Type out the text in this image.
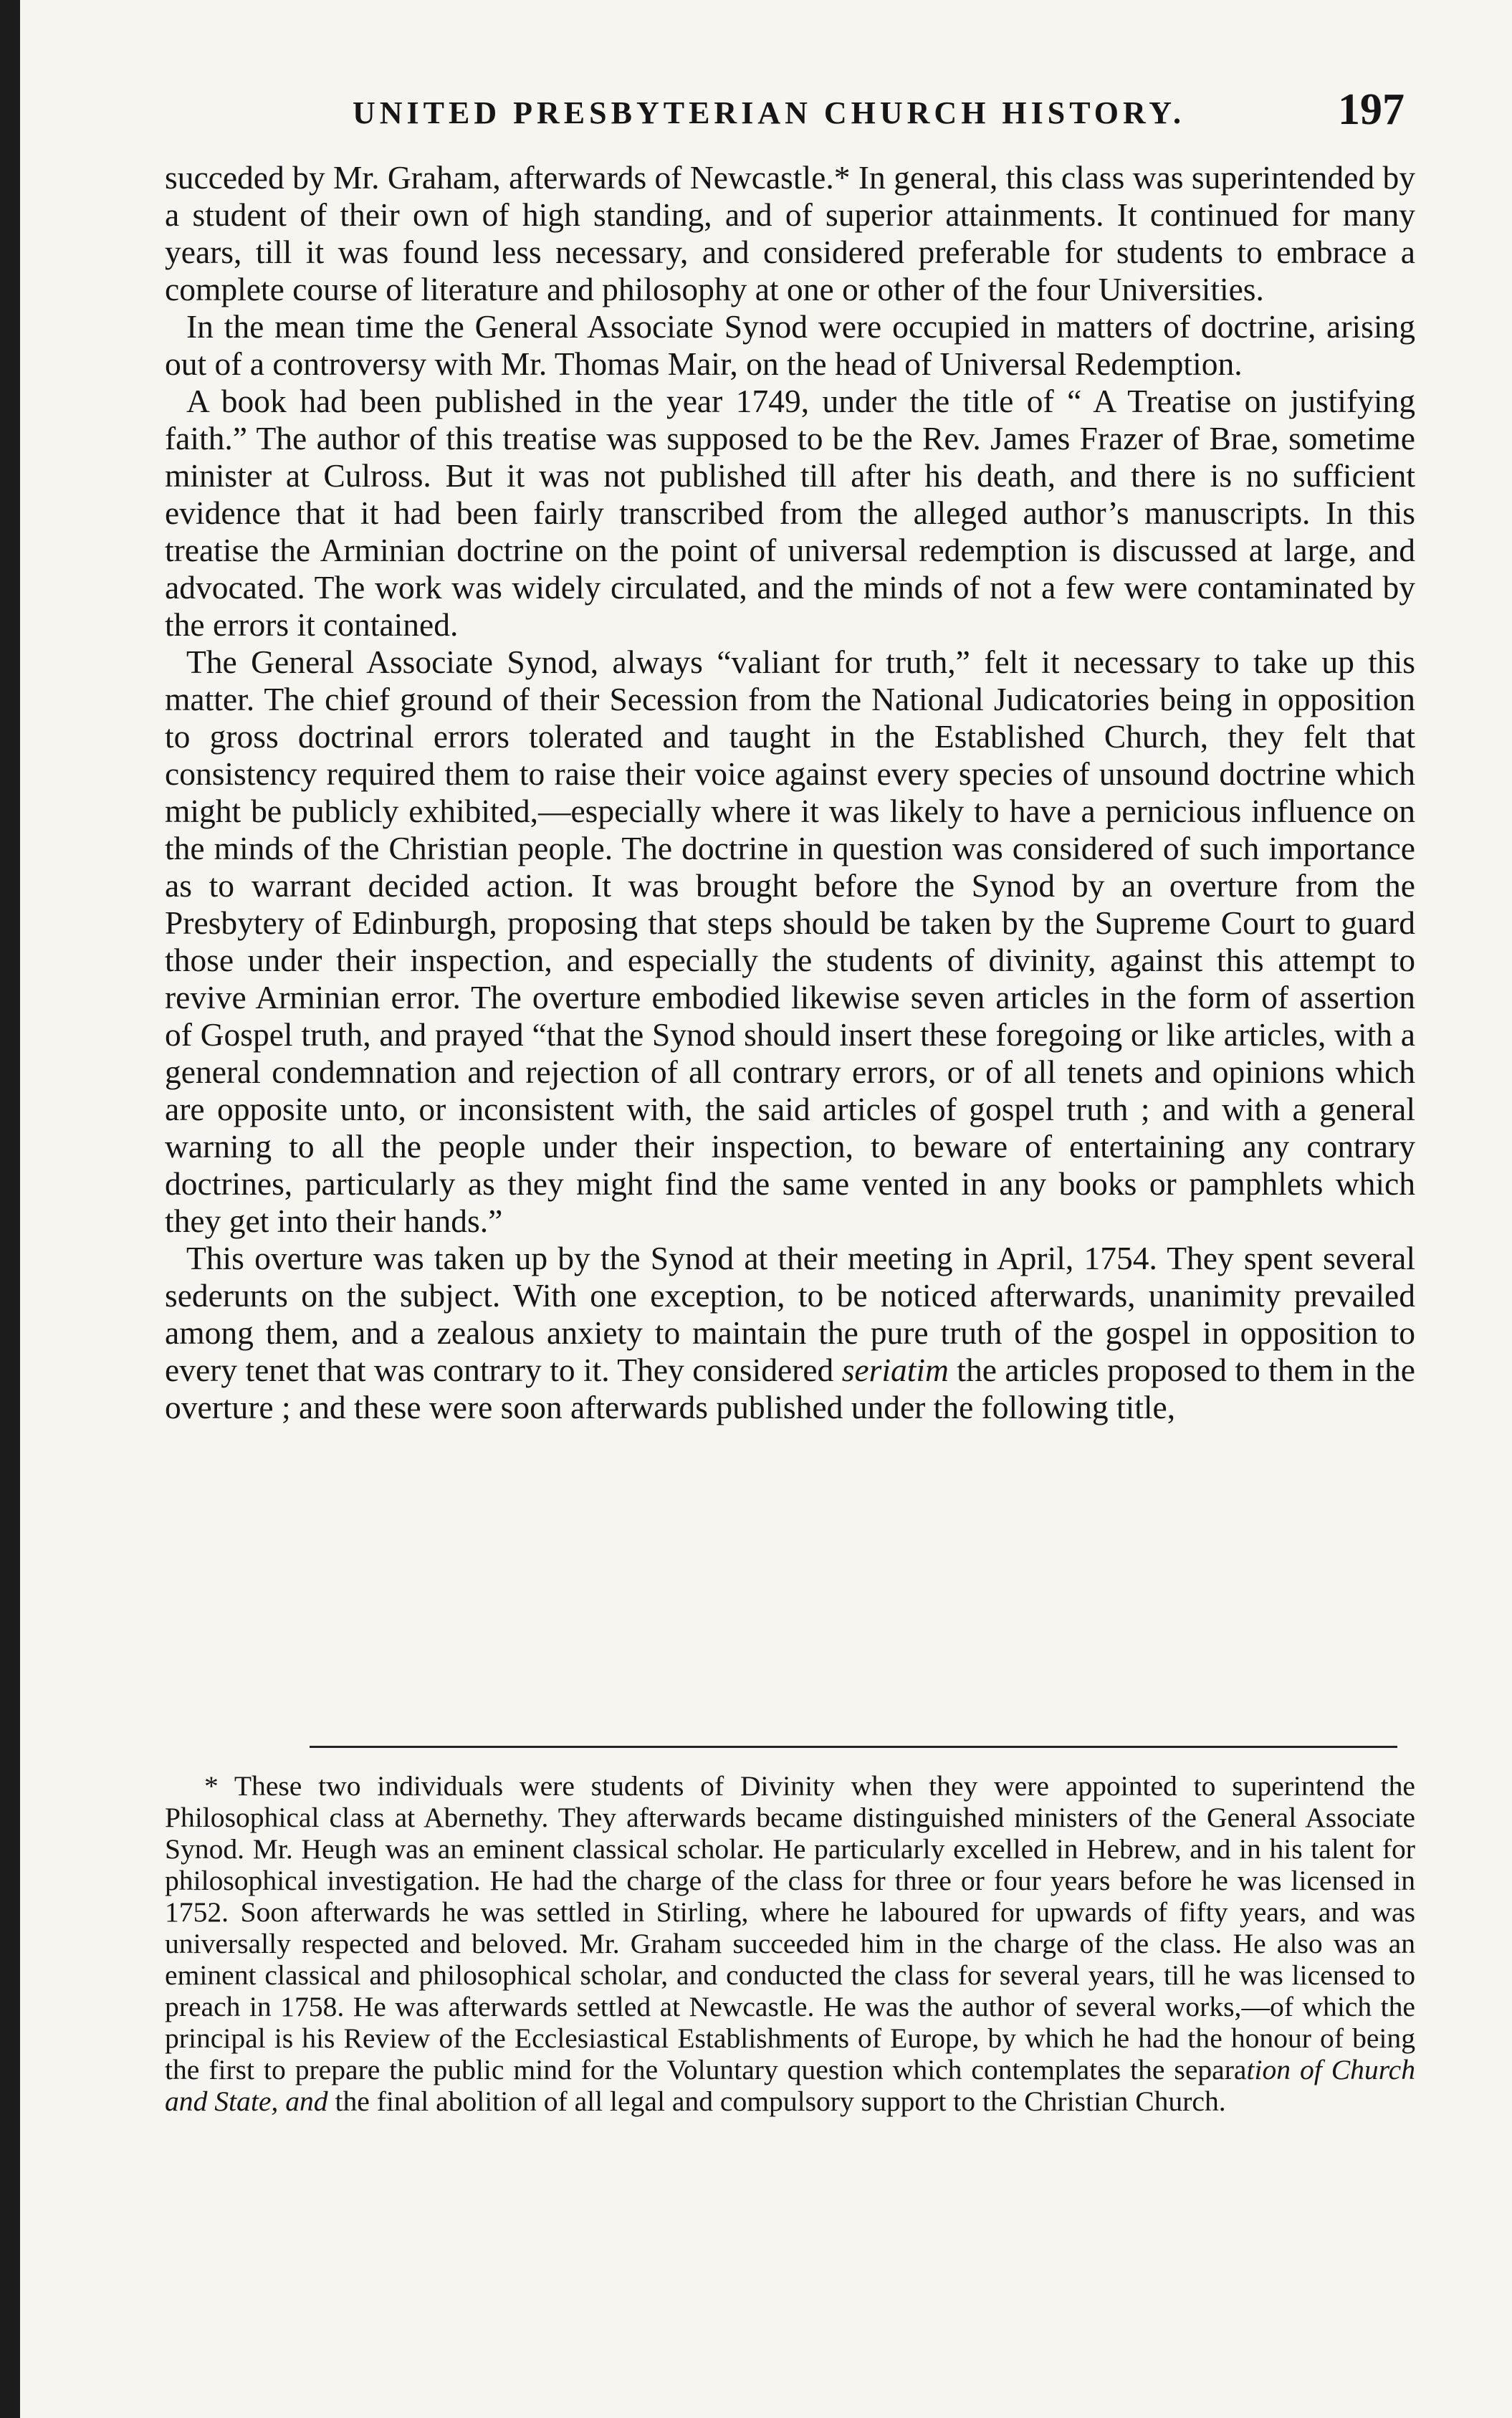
UNITED PRESBYTERIAN CHURCH HISTORY.	197

succeded by Mr. Graham, afterwards of Newcastle.* In general, this class was superintended by a student of their own of high standing, and of superior attainments. It continued for many years, till it was found less necessary, and considered preferable for students to embrace a complete course of literature and philosophy at one or other of the four Universities.

In the mean time the General Associate Synod were occupied in matters of doctrine, arising out of a controversy with Mr. Thomas Mair, on the head of Universal Redemption.

A book had been published in the year 1749, under the title of “ A Treatise on justifying faith.” The author of this treatise was supposed to be the Rev. James Frazer of Brae, sometime minister at Culross. But it was not published till after his death, and there is no sufficient evidence that it had been fairly transcribed from the alleged author’s manuscripts. In this treatise the Arminian doctrine on the point of universal redemption is discussed at large, and advocated. The work was widely circulated, and the minds of not a few were contaminated by the errors it contained.

The General Associate Synod, always “valiant for truth,” felt it necessary to take up this matter. The chief ground of their Secession from the National Judicatories being in opposition to gross doctrinal errors tolerated and taught in the Established Church, they felt that consistency required them to raise their voice against every species of unsound doctrine which might be publicly exhibited,—especially where it was likely to have a pernicious influence on the minds of the Christian people. The doctrine in question was considered of such importance as to warrant decided action. It was brought before the Synod by an overture from the Presbytery of Edinburgh, proposing that steps should be taken by the Supreme Court to guard those under their inspection, and especially the students of divinity, against this attempt to revive Arminian error. The overture embodied likewise seven articles in the form of assertion of Gospel truth, and prayed “that the Synod should insert these foregoing or like articles, with a general condemnation and rejection of all contrary errors, or of all tenets and opinions which are opposite unto, or inconsistent with, the said articles of gospel truth ; and with a general warning to all the people under their inspection, to beware of entertaining any contrary doctrines, particularly as they might find the same vented in any books or pamphlets which they get into their hands.”

This overture was taken up by the Synod at their meeting in April, 1754. They spent several sederunts on the subject. With one exception, to be noticed afterwards, unanimity prevailed among them, and a zealous anxiety to maintain the pure truth of the gospel in opposition to every tenet that was contrary to it. They considered seriatim the articles proposed to them in the overture ; and these were soon afterwards published under the following title,

* These two individuals were students of Divinity when they were appointed to superintend the Philosophical class at Abernethy. They afterwards became distinguished ministers of the General Associate Synod. Mr. Heugh was an eminent classical scholar. He particularly excelled in Hebrew, and in his talent for philosophical investigation. He had the charge of the class for three or four years before he was licensed in 1752. Soon afterwards he was settled in Stirling, where he laboured for upwards of fifty years, and was universally respected and beloved. Mr. Graham succeeded him in the charge of the class. He also was an eminent classical and philosophical scholar, and conducted the class for several years, till he was licensed to preach in 1758. He was afterwards settled at Newcastle. He was the author of several works,—of which the principal is his Review of the Ecclesiastical Establishments of Europe, by which he had the honour of being the first to prepare the public mind for the Voluntary question which contemplates the separation of Church and State, and the final abolition of all legal and compulsory support to the Christian Church.
